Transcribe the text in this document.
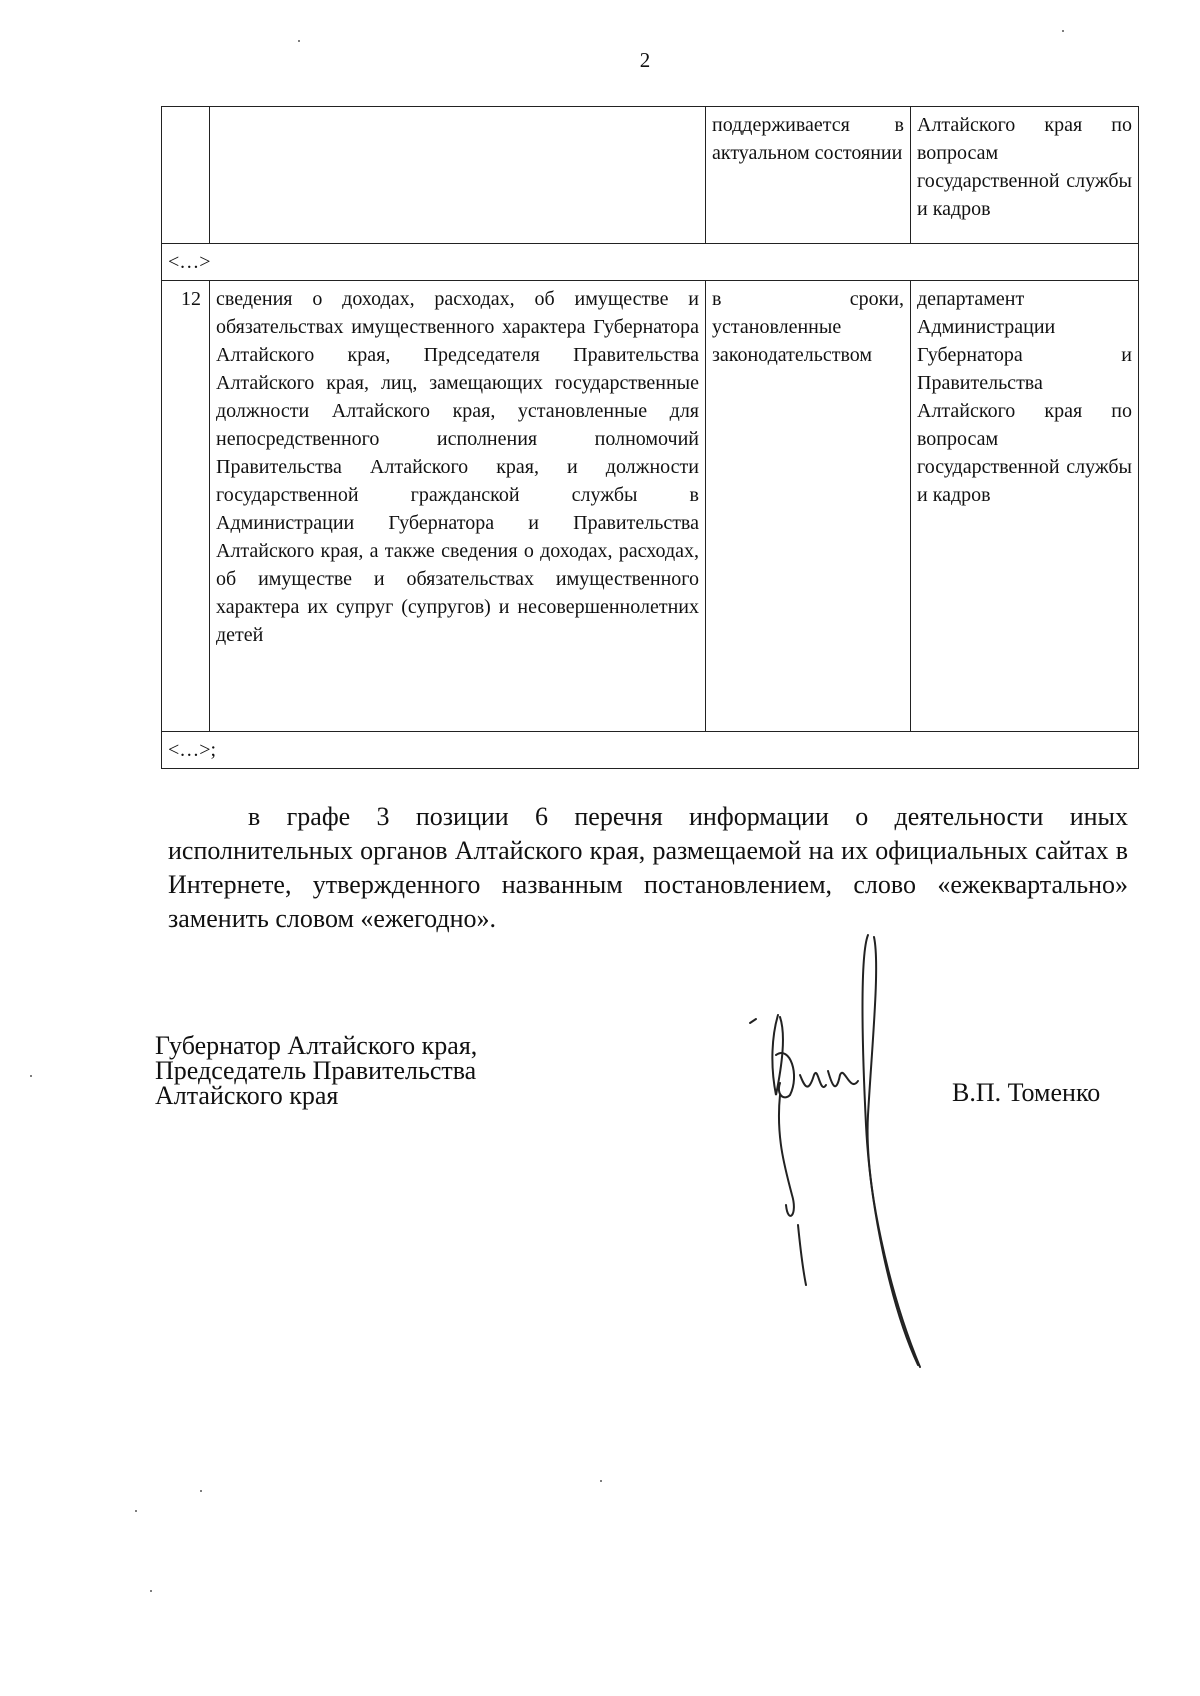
2
		поддерживается в актуальном состоянии	Алтайского края по вопросам государственной службы и кадров
<…>			
12	сведения о доходах, расходах, об имуществе и обязательствах имущественного характера Губернатора Алтайского края, Председателя Правительства Алтайского края, лиц, замещающих государственные должности Алтайского края, установленные для непосредственного исполнения полномочий Правительства Алтайского края, и должности государственной гражданской службы в Администрации Губернатора и Правительства Алтайского края, а также сведения о доходах, расходах, об имуществе и обязательствах имущественного характера их супруг (супругов) и несовершеннолетних детей	в сроки, установленные законодательством	департамент Администрации Губернатора и Правительства Алтайского края по вопросам государственной службы и кадров
<…>;			
в графе 3 позиции 6 перечня информации о деятельности иных исполнительных органов Алтайского края, размещаемой на их официальных сайтах в Интернете, утвержденного названным постановлением, слово «ежеквартально» заменить словом «ежегодно».
Губернатор Алтайского края,
Председатель Правительства
Алтайского края	В.П. Томенко
